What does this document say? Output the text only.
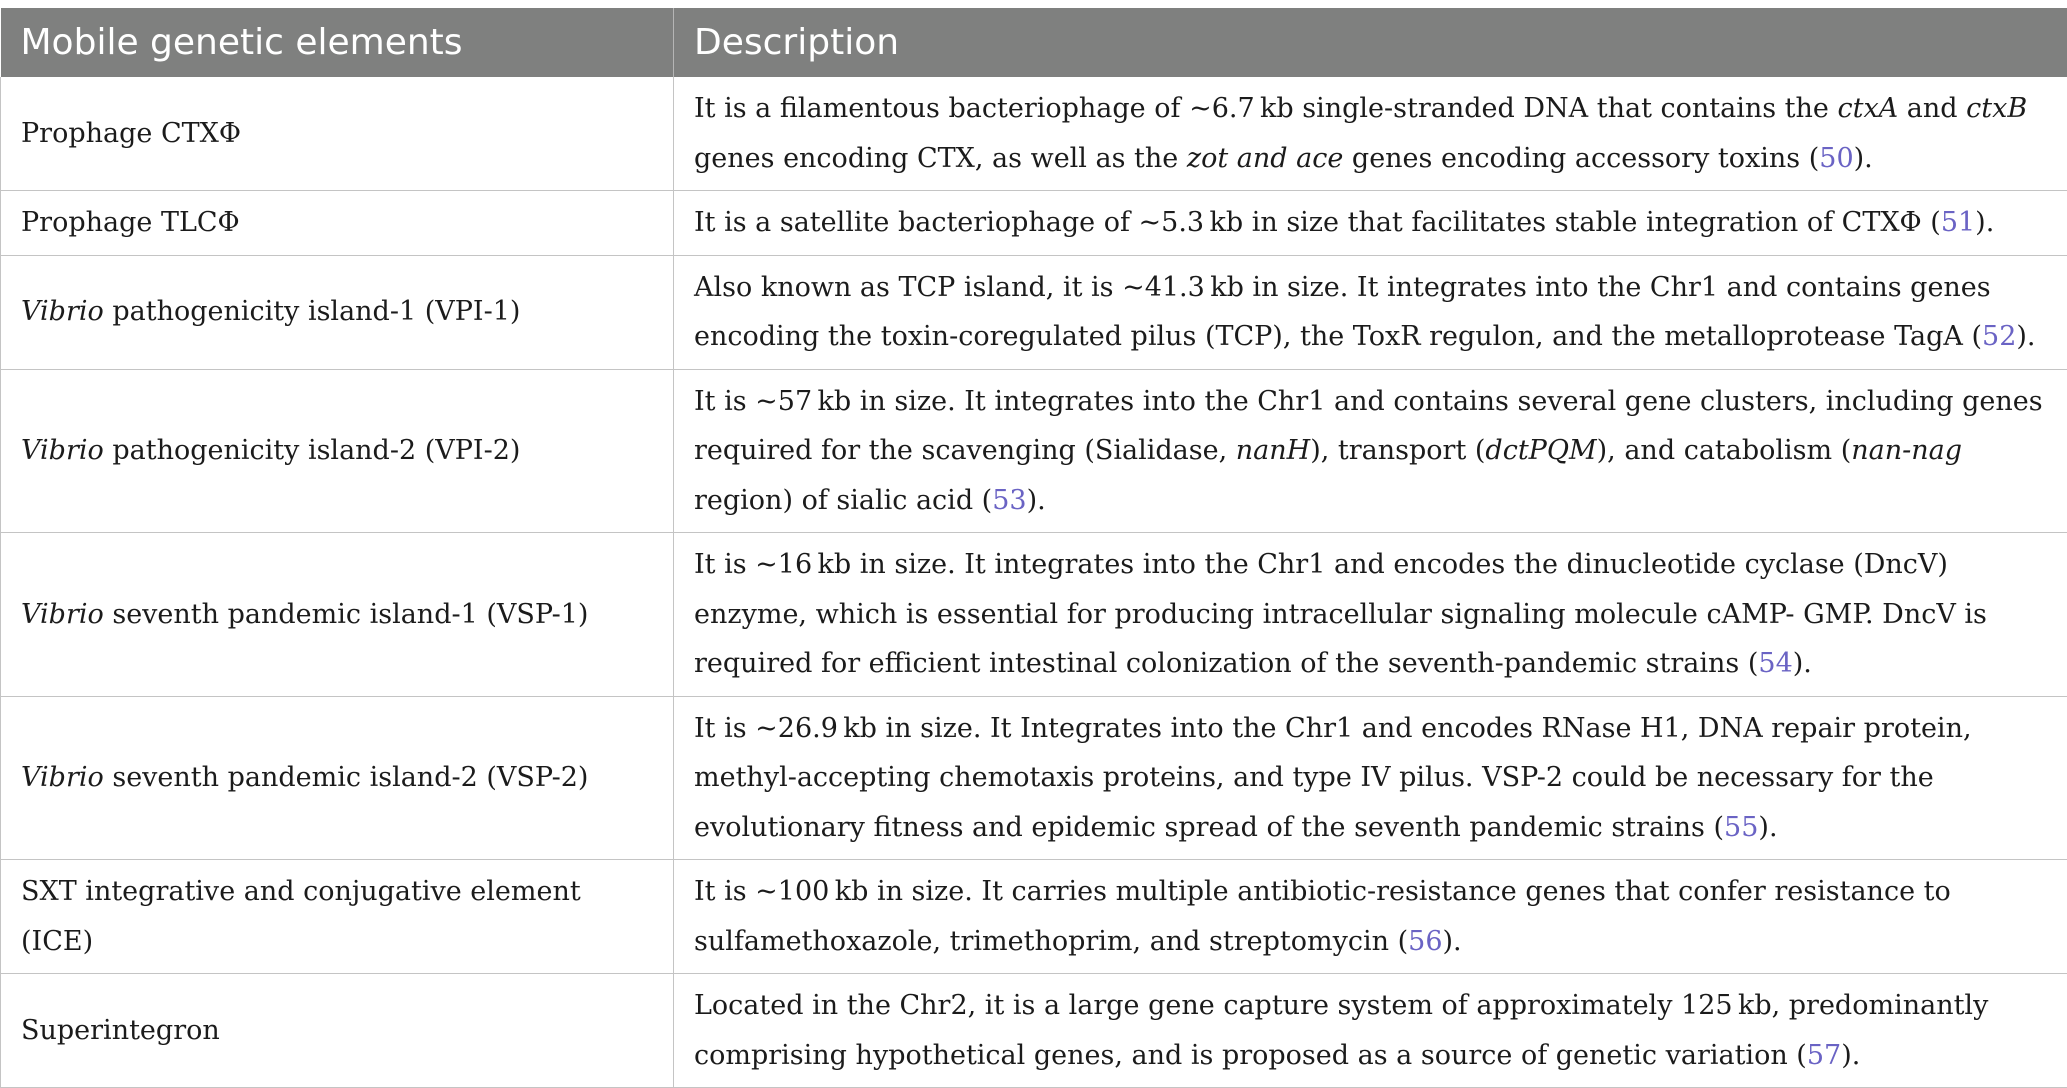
Mobile genetic elements	Description
Prophage CTXΦ	It is a filamentous bacteriophage of ~6.7 kb single-stranded DNA that contains the ctxA and ctxB genes encoding CTX, as well as the zot and ace genes encoding accessory toxins (50).
Prophage TLCΦ	It is a satellite bacteriophage of ~5.3 kb in size that facilitates stable integration of CTXΦ (51).
Vibrio pathogenicity island-1 (VPI-1)	Also known as TCP island, it is ~41.3 kb in size. It integrates into the Chr1 and contains genes encoding the toxin-coregulated pilus (TCP), the ToxR regulon, and the metalloprotease TagA (52).
Vibrio pathogenicity island-2 (VPI-2)	It is ~57 kb in size. It integrates into the Chr1 and contains several gene clusters, including genes required for the scavenging (Sialidase, nanH), transport (dctPQM), and catabolism (nan-nag region) of sialic acid (53).
Vibrio seventh pandemic island-1 (VSP-1)	It is ~16 kb in size. It integrates into the Chr1 and encodes the dinucleotide cyclase (DncV) enzyme, which is essential for producing intracellular signaling molecule cAMP- GMP. DncV is required for efficient intestinal colonization of the seventh-pandemic strains (54).
Vibrio seventh pandemic island-2 (VSP-2)	It is ~26.9 kb in size. It Integrates into the Chr1 and encodes RNase H1, DNA repair protein, methyl-accepting chemotaxis proteins, and type IV pilus. VSP-2 could be necessary for the evolutionary fitness and epidemic spread of the seventh pandemic strains (55).
SXT integrative and conjugative element (ICE)	It is ~100 kb in size. It carries multiple antibiotic-resistance genes that confer resistance to sulfamethoxazole, trimethoprim, and streptomycin (56).
Superintegron	Located in the Chr2, it is a large gene capture system of approximately 125 kb, predominantly comprising hypothetical genes, and is proposed as a source of genetic variation (57).
